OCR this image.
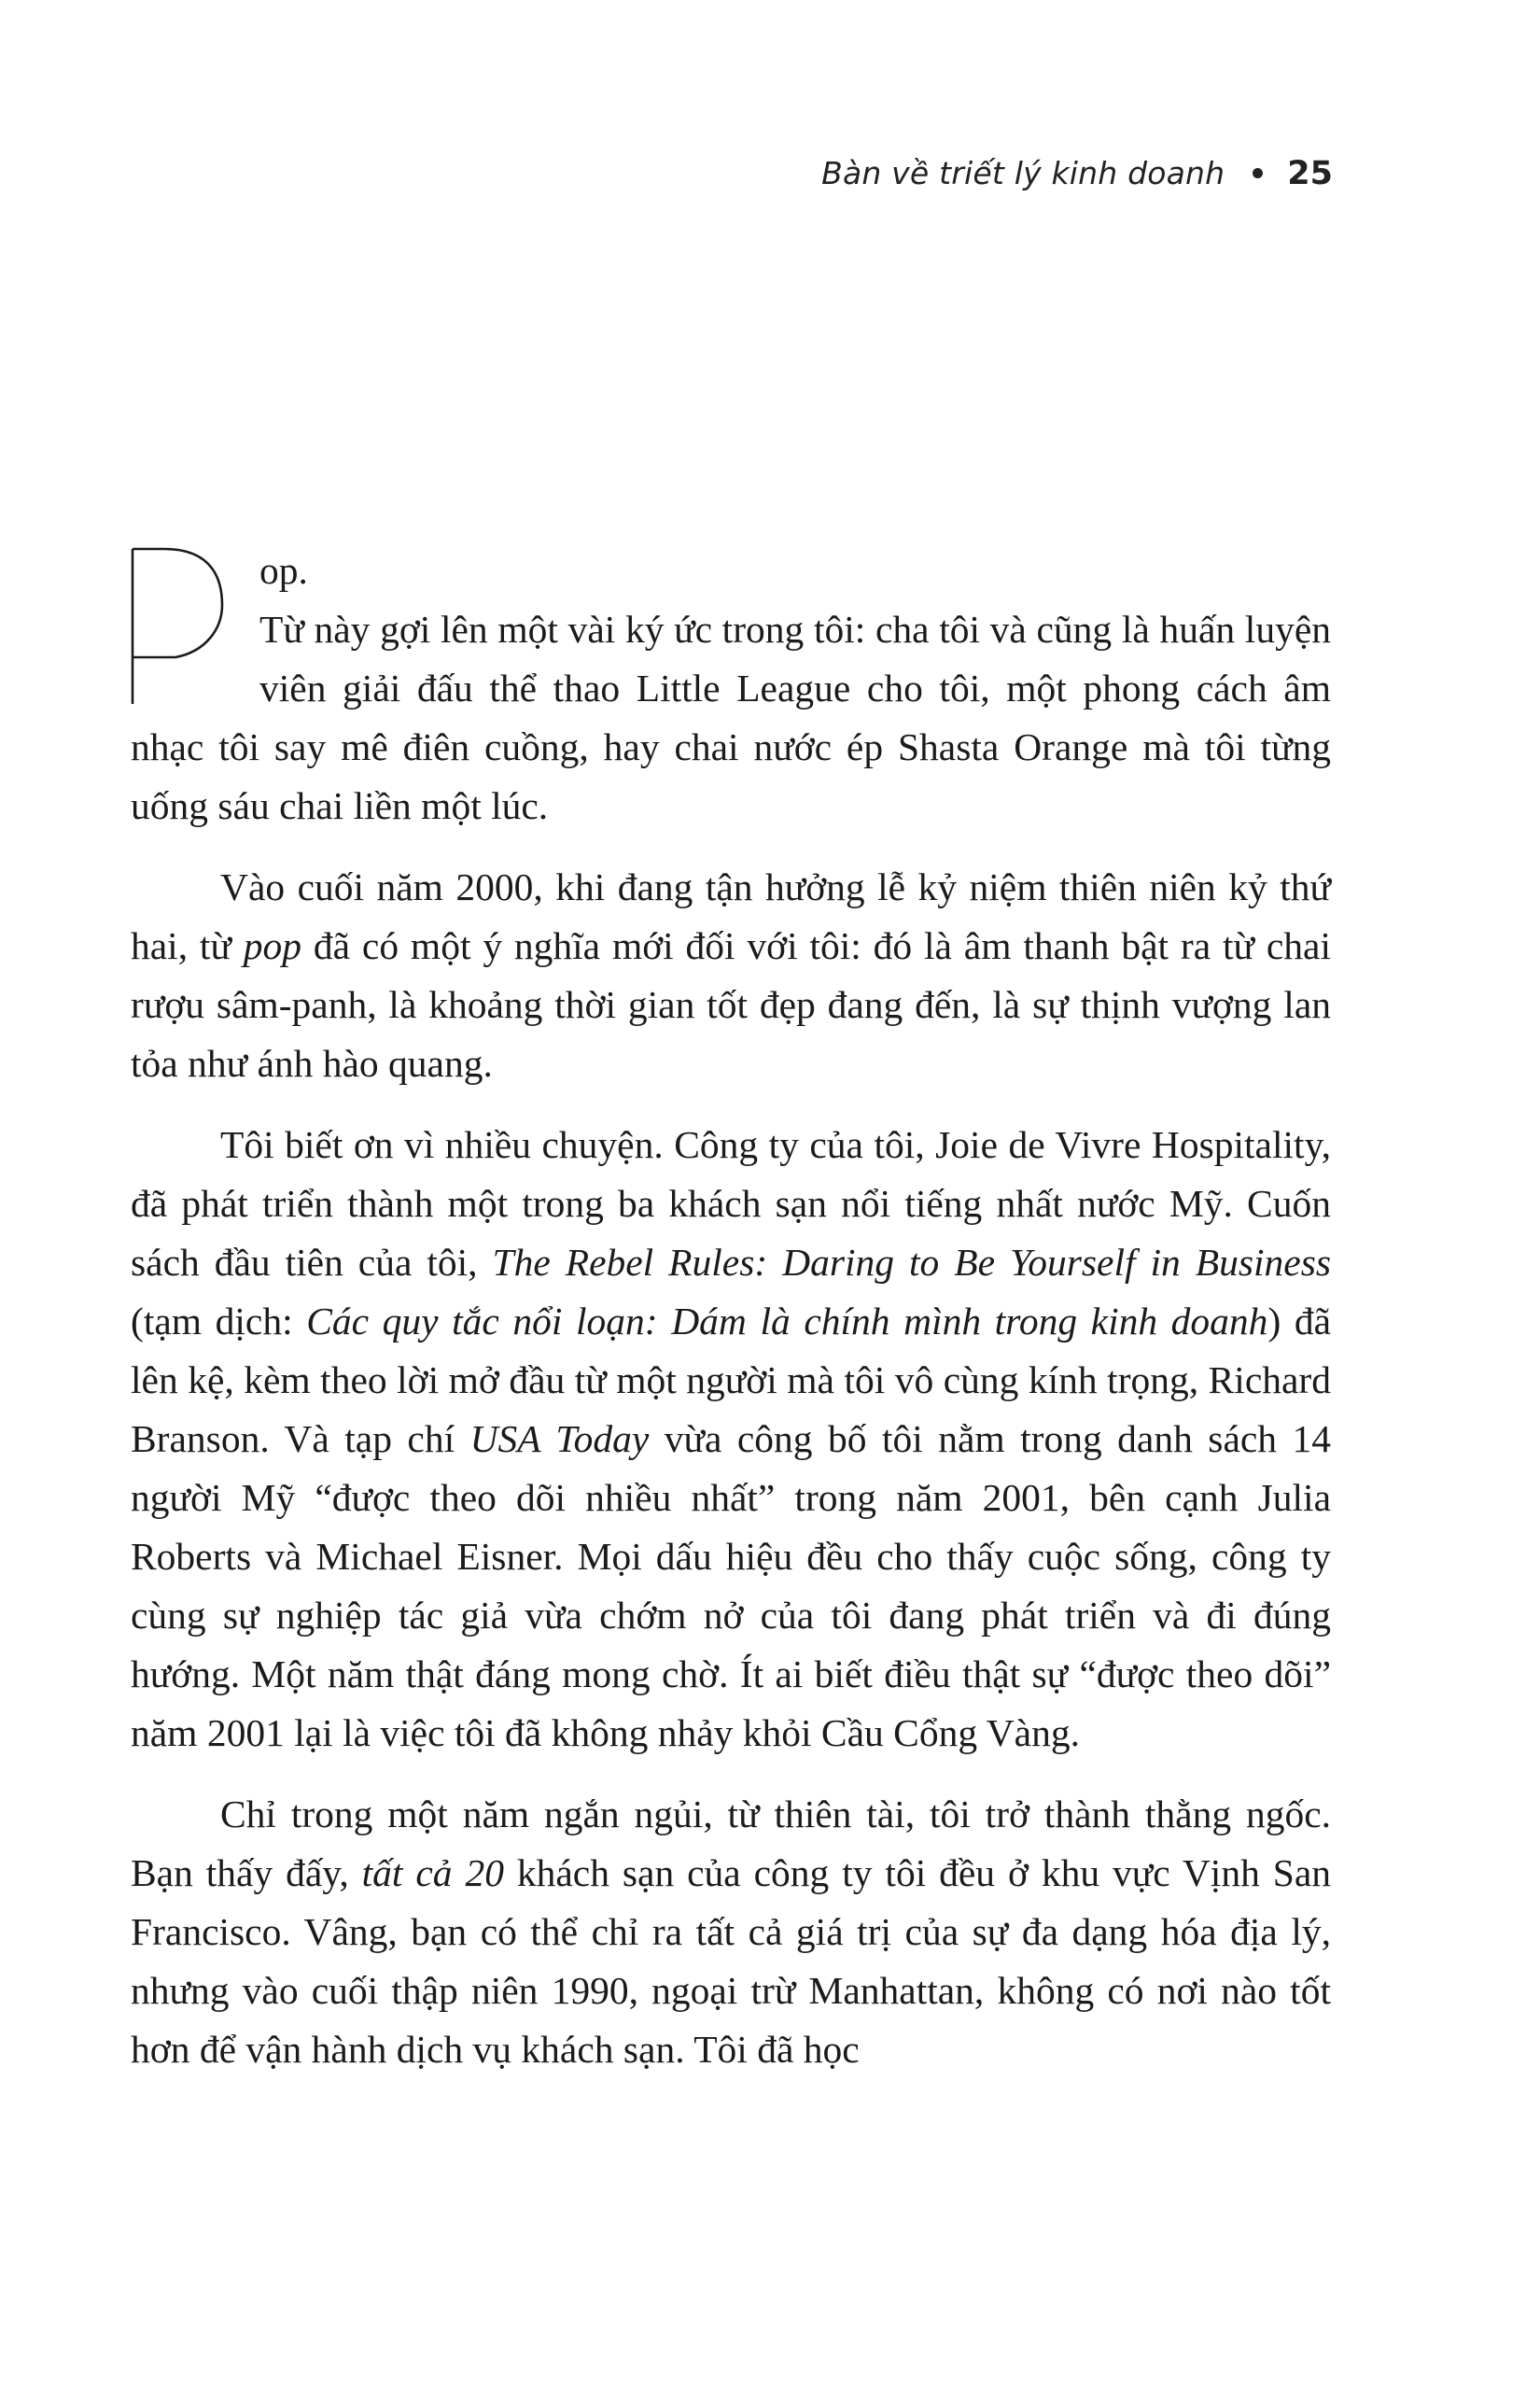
Bàn về triết lý kinh doanh 25

op.
Từ này gợi lên một vài ký ức trong tôi: cha tôi và cũng là huấn luyện viên giải đấu thể thao Little League cho tôi, một phong cách âm nhạc tôi say mê điên cuồng, hay chai nước ép Shasta Orange mà tôi từng uống sáu chai liền một lúc.

Vào cuối năm 2000, khi đang tận hưởng lễ kỷ niệm thiên niên kỷ thứ hai, từ pop đã có một ý nghĩa mới đối với tôi: đó là âm thanh bật ra từ chai rượu sâm-panh, là khoảng thời gian tốt đẹp đang đến, là sự thịnh vượng lan tỏa như ánh hào quang.

Tôi biết ơn vì nhiều chuyện. Công ty của tôi, Joie de Vivre Hospitality, đã phát triển thành một trong ba khách sạn nổi tiếng nhất nước Mỹ. Cuốn sách đầu tiên của tôi, The Rebel Rules: Daring to Be Yourself in Business (tạm dịch: Các quy tắc nổi loạn: Dám là chính mình trong kinh doanh) đã lên kệ, kèm theo lời mở đầu từ một người mà tôi vô cùng kính trọng, Richard Branson. Và tạp chí USA Today vừa công bố tôi nằm trong danh sách 14 người Mỹ “được theo dõi nhiều nhất” trong năm 2001, bên cạnh Julia Roberts và Michael Eisner. Mọi dấu hiệu đều cho thấy cuộc sống, công ty cùng sự nghiệp tác giả vừa chớm nở của tôi đang phát triển và đi đúng hướng. Một năm thật đáng mong chờ. Ít ai biết điều thật sự “được theo dõi” năm 2001 lại là việc tôi đã không nhảy khỏi Cầu Cổng Vàng.

Chỉ trong một năm ngắn ngủi, từ thiên tài, tôi trở thành thằng ngốc. Bạn thấy đấy, tất cả 20 khách sạn của công ty tôi đều ở khu vực Vịnh San Francisco. Vâng, bạn có thể chỉ ra tất cả giá trị của sự đa dạng hóa địa lý, nhưng vào cuối thập niên 1990, ngoại trừ Manhattan, không có nơi nào tốt hơn để vận hành dịch vụ khách sạn. Tôi đã học
